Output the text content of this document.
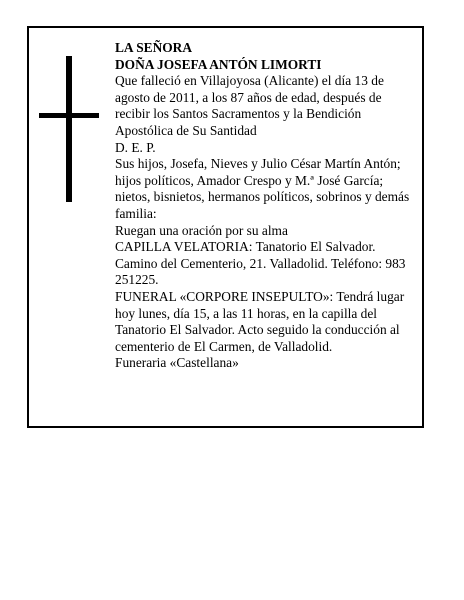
LA SEÑORA

DOÑA JOSEFA ANTÓN LIMORTI

Que falleció en Villajoyosa (Alicante) el día 13 de agosto de 2011, a los 87 años de edad, después de recibir los Santos Sacramentos y la Bendición Apostólica de Su Santidad

D. E. P.

Sus hijos, Josefa, Nieves y Julio César Martín Antón; hijos políticos, Amador Crespo y M.ª José García; nietos, bisnietos, hermanos políticos, sobrinos y demás familia:

Ruegan una oración por su alma

CAPILLA VELATORIA: Tanatorio El Salvador. Camino del Cementerio, 21. Valladolid. Teléfono: 983 251225.

FUNERAL «CORPORE INSEPULTO»: Tendrá lugar hoy lunes, día 15, a las 11 horas, en la capilla del Tanatorio El Salvador. Acto seguido la conducción al cementerio de El Carmen, de Valladolid.

Funeraria «Castellana»
